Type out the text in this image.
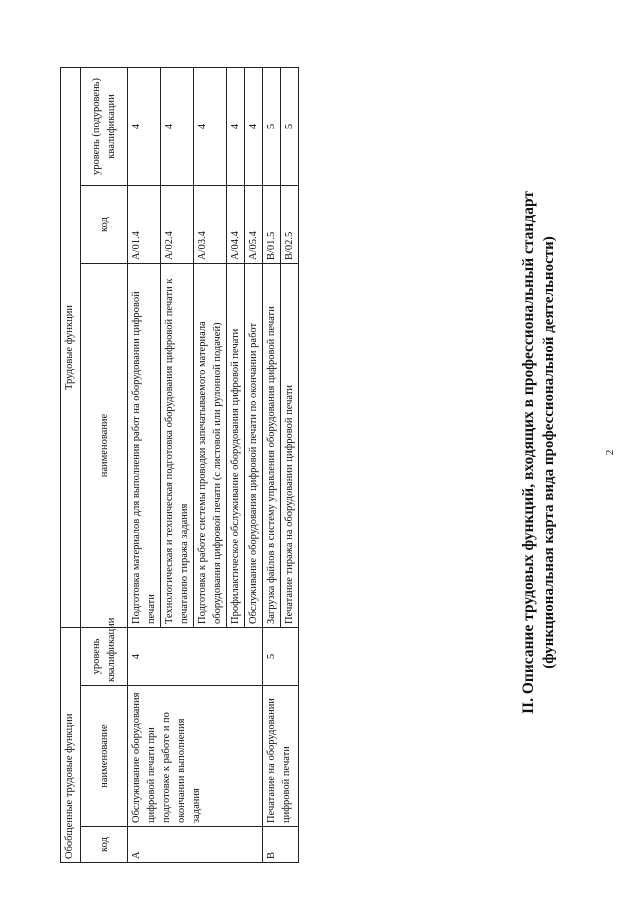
II. Описание трудовых функций, входящих в профессиональный стандарт (функциональная карта вида профессиональной деятельности)	2
Обобщенные трудовые функции			Трудовые функции		
код	наименование	уровень квалификации	наименование	код	уровень (подуровень) квалификации
A	Обслуживание оборудования цифровой печати при подготовке к работе и по окончании выполнения задания	4	Подготовка материалов для выполнения работ на оборудовании цифровой печати	A/01.4	4
			Технологическая и техническая подготовка оборудования цифровой печати к печатанию тиража задания	A/02.4	4
			Подготовка к работе системы проводки запечатываемого материала оборудования цифровой печати (с листовой или рулонной подачей)	A/03.4	4
			Профилактическое обслуживание оборудования цифровой печати	A/04.4	4
			Обслуживание оборудования цифровой печати по окончании работ	A/05.4	4
B	Печатание на оборудовании цифровой печати	5	Загрузка файлов в систему управления оборудования цифровой печати	B/01.5	5
			Печатание тиража на оборудовании цифровой печати	B/02.5	5
